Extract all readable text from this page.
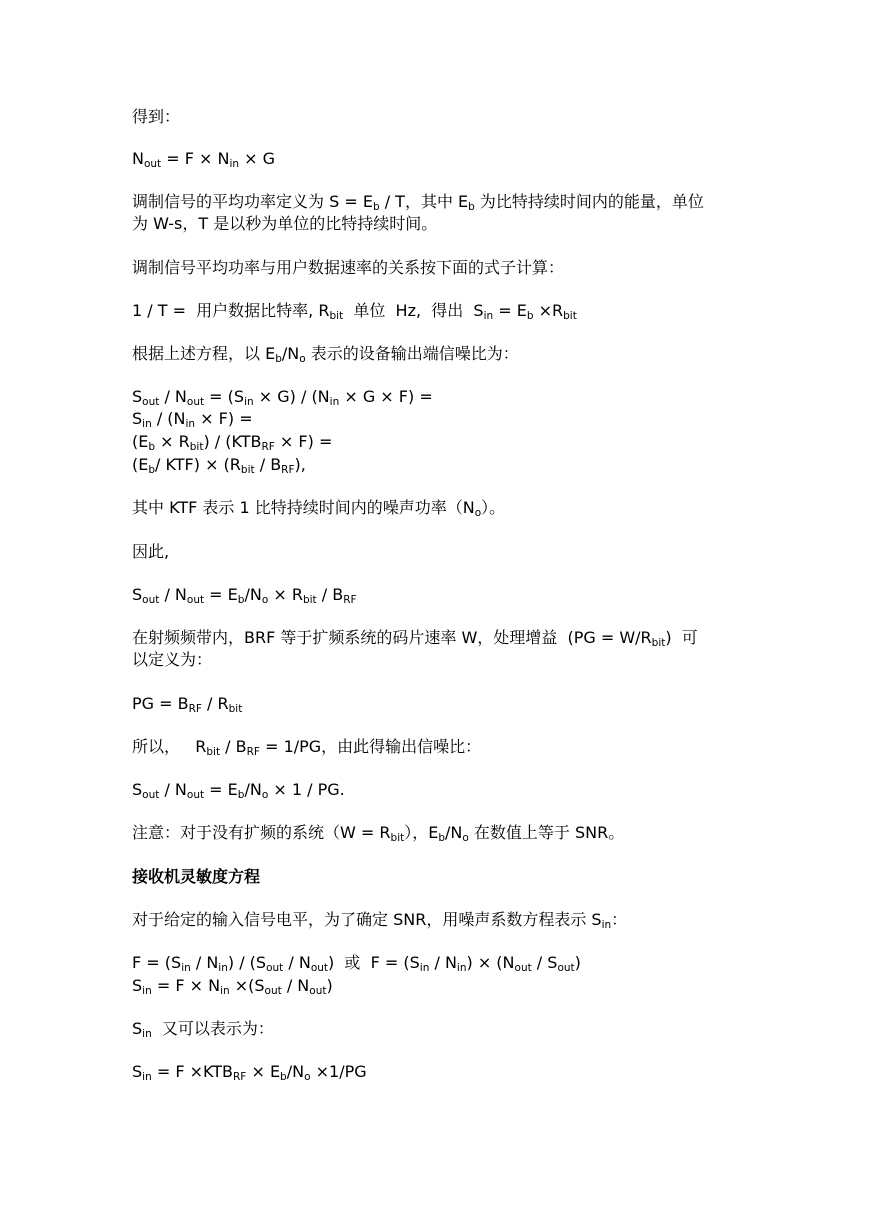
得到：
$N_{out} = F \times N_{in} \times G$
调制信号的平均功率定义为 $S = E_b / T$，其中 $E_b$ 为比特持续时间内的能量，单位
为 W-s，T 是以秒为单位的比特持续时间。
调制信号平均功率与用户数据速率的关系按下面的式子计算：
1 / T =  用户数据比特率, $R_{bit}$  单位  Hz,  得出  $S_{in} = E_b \times R_{bit}$
根据上述方程，以 $E_b/N_o$ 表示的设备输出端信噪比为：
$S_{out} / N_{out} = (S_{in} \times G) / (N_{in} \times G \times F)$ =
$S_{in} / (N_{in} \times F)$ =
$(E_b \times R_{bit}) / (KTB_{RF} \times F)$ =
($E_b/$ $KTF) \times (R_{bit} / B_{RF})$,
其中 KTF 表示 1 比特持续时间内的噪声功率$(N_o)$。
因此,
$S_{out} / N_{out} = E_b/N_o \times R_{bit} / B_{RF}$
在射频频带内，BRF 等于扩频系统的码片速率 W，处理增益  $(PG = W/R_{bit})$  可
以定义为：
PG = $B_{RF} / R_{bit}$
所以，   $R_{bit} / B_{RF} = 1/PG$，由此得输出信噪比：
$S_{out} / N_{out} = E_b/N_o \times 1$ / PG.
注意：对于没有扩频的系统$(W = R_{bit})$，$E_b/N_o$ 在数值上等于 SNR。
接收机灵敏度方程
对于给定的输入信号电平，为了确定 SNR，用噪声系数方程表示 $S_{in}$：
$F = (S_{in} / N_{in}) / (S_{out} / N_{out})$  或  $F = (S_{in} / N_{in}) \times (N_{out} / S_{out})$
$S_{in} = F \times N_{in} \times(S_{out} / N_{out})$
$S_{in}$  又可以表示为：
$S_{in} = F \times KTB_{RF} \times E_b/N_o \times 1/PG$
